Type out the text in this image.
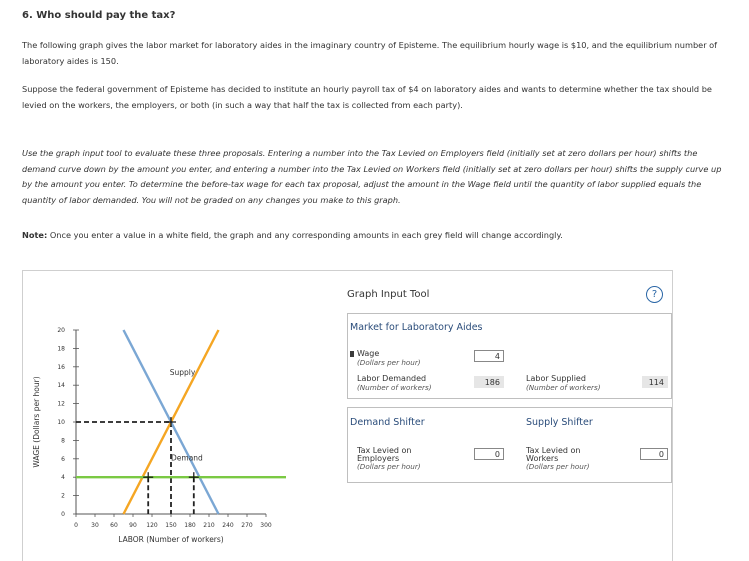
6. Who should pay the tax?
The following graph gives the labor market for laboratory aides in the imaginary country of Episteme. The equilibrium hourly wage is $10, and the equilibrium number of laboratory aides is 150.
Suppose the federal government of Episteme has decided to institute an hourly payroll tax of $4 on laboratory aides and wants to determine whether the tax should be levied on the workers, the employers, or both (in such a way that half the tax is collected from each party).
Use the graph input tool to evaluate these three proposals. Entering a number into the Tax Levied on Employers field (initially set at zero dollars per hour) shifts the demand curve down by the amount you enter, and entering a number into the Tax Levied on Workers field (initially set at zero dollars per hour) shifts the supply curve up by the amount you enter. To determine the before-tax wage for each tax proposal, adjust the amount in the Wage field until the quantity of labor supplied equals the quantity of labor demanded. You will not be graded on any changes you make to this graph.
Note: Once you enter a value in a white field, the graph and any corresponding amounts in each grey field will change accordingly.
0 30 60 90 120 150 180 210 240 270 300
0
2
4
6
8
10
12
14
16
18
20
LABOR (Number of workers)
WAGE (Dollars per hour)
Supply
Demand
Graph Input Tool	?
Market for Laboratory Aides
Wage
(Dollars per hour)
4
Labor Demanded
(Number of workers)
186	Labor Supplied
(Number of workers)
114
Demand Shifter
Tax Levied on
Employers
(Dollars per hour)
0
Supply Shifter
Tax Levied on
Workers
(Dollars per hour)
0
